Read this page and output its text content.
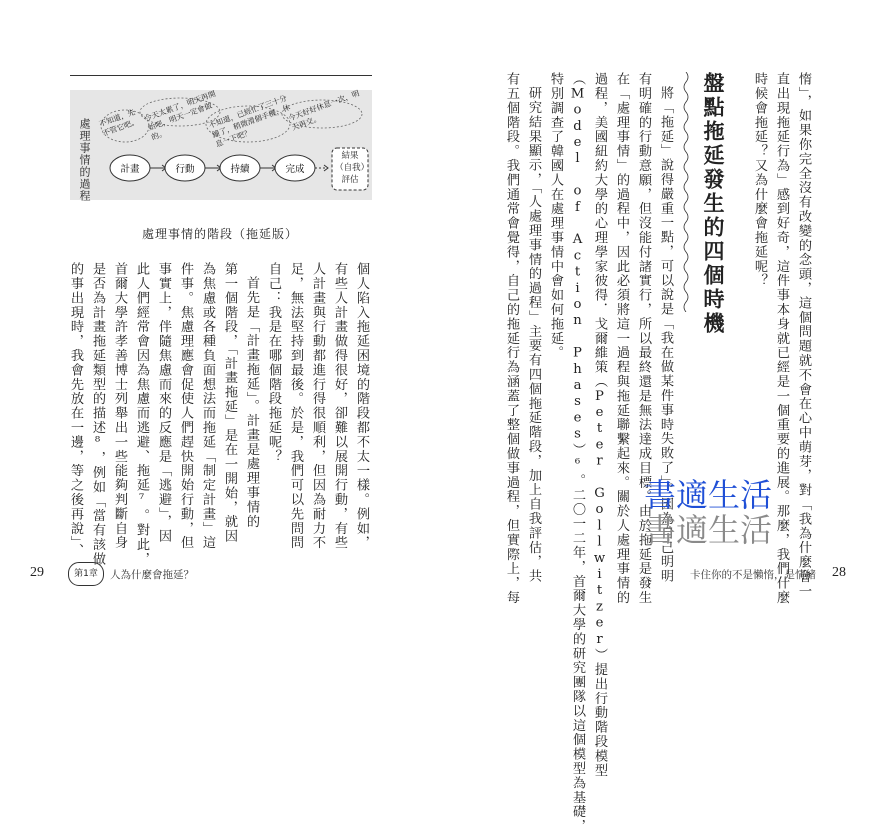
計畫	行動	持續	完成
處理事情的過程	結果（自我）評估
不知道，先不管它吧。
今天太累了，明天再開始吧，明天一定會做的。
不知道，已經忙了三十分鐘了，稍微滑個手機，休息一下吧？
今天好好休息一次，明天再交。
處理事情的階段（拖延版）
個人陷入拖延困境的階段都不太一樣。例如，
有些人計畫做得很好，卻難以展開行動，有些
人計畫與行動都進行得很順利，但因為耐力不
足，無法堅持到最後。於是，我們可以先問問
自己：我是在哪個階段拖延呢？
首先是「計畫拖延」。計畫是處理事情的
第一個階段，「計畫拖延」是在一開始，就因
為焦慮或各種負面想法而拖延「制定計畫」這
件事。焦慮理應會促使人們趕快開始行動，但
事實上，伴隨焦慮而來的反應是「逃避」，因
此人們經常會因為焦慮而逃避、拖延⁷。對此，
首爾大學許孝善博士列舉出一些能夠判斷自身
是否為計畫拖延類型的描述⁸，例如「當有該做
的事出現時，我會先放在一邊，等之後再說」、
29	第1章	人為什麼會拖延？	惰」，如果你完全沒有改變的念頭，這個問題就不會在心中萌芽，對「我為什麼會一
直出現拖延行為」感到好奇，這件事本身就已經是一個重要的進展。那麼，我們什麼
時候會拖延？又為什麼會拖延呢？
盤點拖延發生的四個時機
將「拖延」說得嚴重一點，可以說是「我在做某件事時失敗了」。因為自己明明
有明確的行動意願，但沒能付諸實行，所以最終還是無法達成目標。由於拖延是發生
在「處理事情」的過程中，因此必須將這一過程與拖延聯繫起來。關於人處理事情的
過程，美國紐約大學的心理學家彼得．戈爾維策（Peter Gollwitzer）提出行動階段模型
（Model of Action Phases）⁶。二〇一二年，首爾大學的研究團隊以這個模型為基礎，
特別調查了韓國人在處理事情中會如何拖延。
研究結果顯示，「人處理事情的過程」主要有四個拖延階段，加上自我評估，共
有五個階段。我們通常會覺得，自己的拖延行為涵蓋了整個做事過程，但實際上，每	卡住你的不是懶惰，是情緒 28
書適生活
書適生活
